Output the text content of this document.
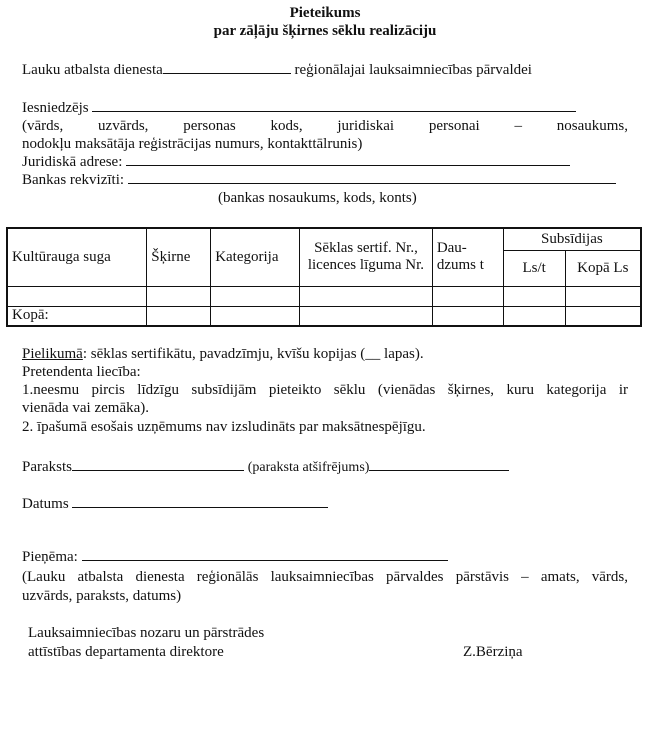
Pieteikums
par zāļāju šķirnes sēklu realizāciju
Lauku atbalsta dienesta	reģionālajai lauksaimniecības pārvaldei
Iesniedzējs
(vārds, uzvārds, personas kods, juridiskai personai – nosaukums,
nodokļu maksātāja reģistrācijas numurs, kontakttālrunis)
Juridiskā adrese:
Bankas rekvizīti:
(bankas nosaukums, kods, konts)
Kultūrauga suga	Šķirne	Kategorija	Sēklas sertif. Nr., licences līguma Nr.	Dau-dzums t	Subsīdijas	
					Ls/t	Kopā Ls

Kopā:						
Pielikumā: sēklas sertifikātu, pavadzīmju, kvīšu kopijas (__ lapas).
Pretendenta liecība:
1.neesmu pircis līdzīgu subsīdijām pieteikto sēklu (vienādas šķirnes, kuru kategorija ir
vienāda vai zemāka).
2. īpašumā esošais uzņēmums nav izsludināts par maksātnespējīgu.
Paraksts	(paraksta atšifrējums)
Datums
Pieņēma:
(Lauku atbalsta dienesta reģionālās lauksaimniecības pārvaldes pārstāvis – amats, vārds,
uzvārds, paraksts, datums)
Lauksaimniecības nozaru un pārstrādes
attīstības departamenta direktore	Z.Bērziņa
